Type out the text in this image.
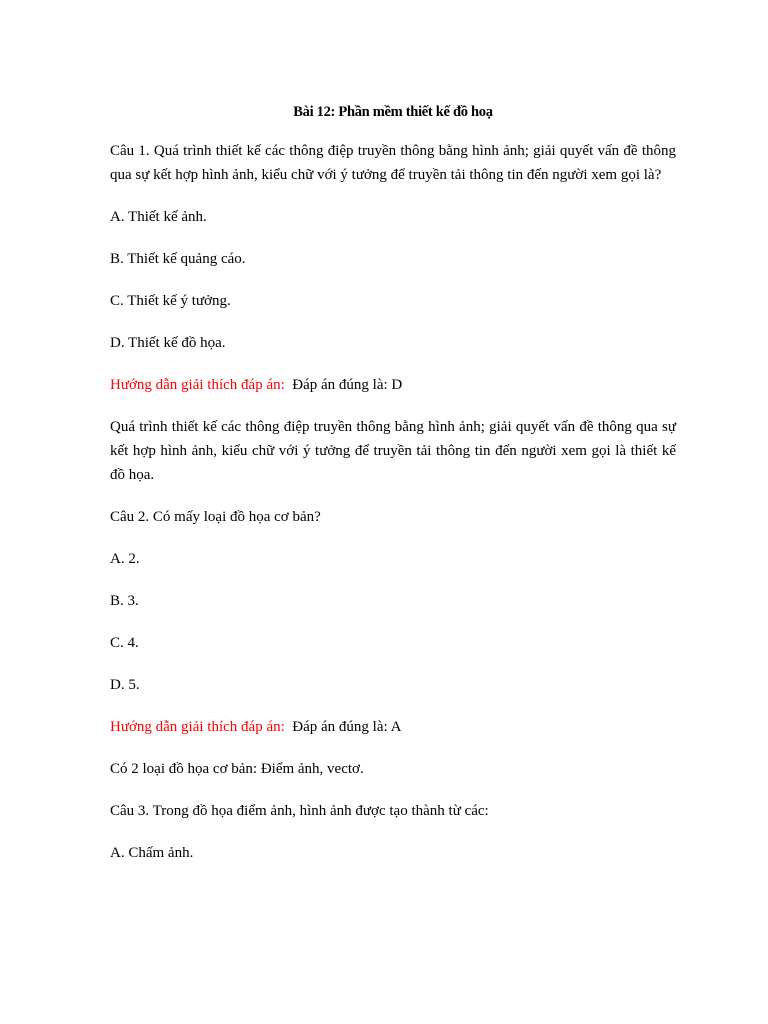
Bài 12: Phần mềm thiết kế đồ hoạ

Câu 1. Quá trình thiết kế các thông điệp truyền thông bằng hình ảnh; giải quyết vấn đề thông qua sự kết hợp hình ảnh, kiểu chữ với ý tưởng để truyền tải thông tin đến người xem gọi là?

A. Thiết kế ảnh.

B. Thiết kế quảng cáo.

C. Thiết kế ý tưởng.

D. Thiết kế đồ họa.

Hướng dẫn giải thích đáp án: Đáp án đúng là: D

Quá trình thiết kế các thông điệp truyền thông bằng hình ảnh; giải quyết vấn đề thông qua sự kết hợp hình ảnh, kiểu chữ với ý tưởng để truyền tải thông tin đến người xem gọi là thiết kế đồ họa.

Câu 2. Có mấy loại đồ họa cơ bản?

A. 2.

B. 3.

C. 4.

D. 5.

Hướng dẫn giải thích đáp án: Đáp án đúng là: A

Có 2 loại đồ họa cơ bản: Điểm ảnh, vectơ.

Câu 3. Trong đồ họa điểm ảnh, hình ảnh được tạo thành từ các:

A. Chấm ảnh.
